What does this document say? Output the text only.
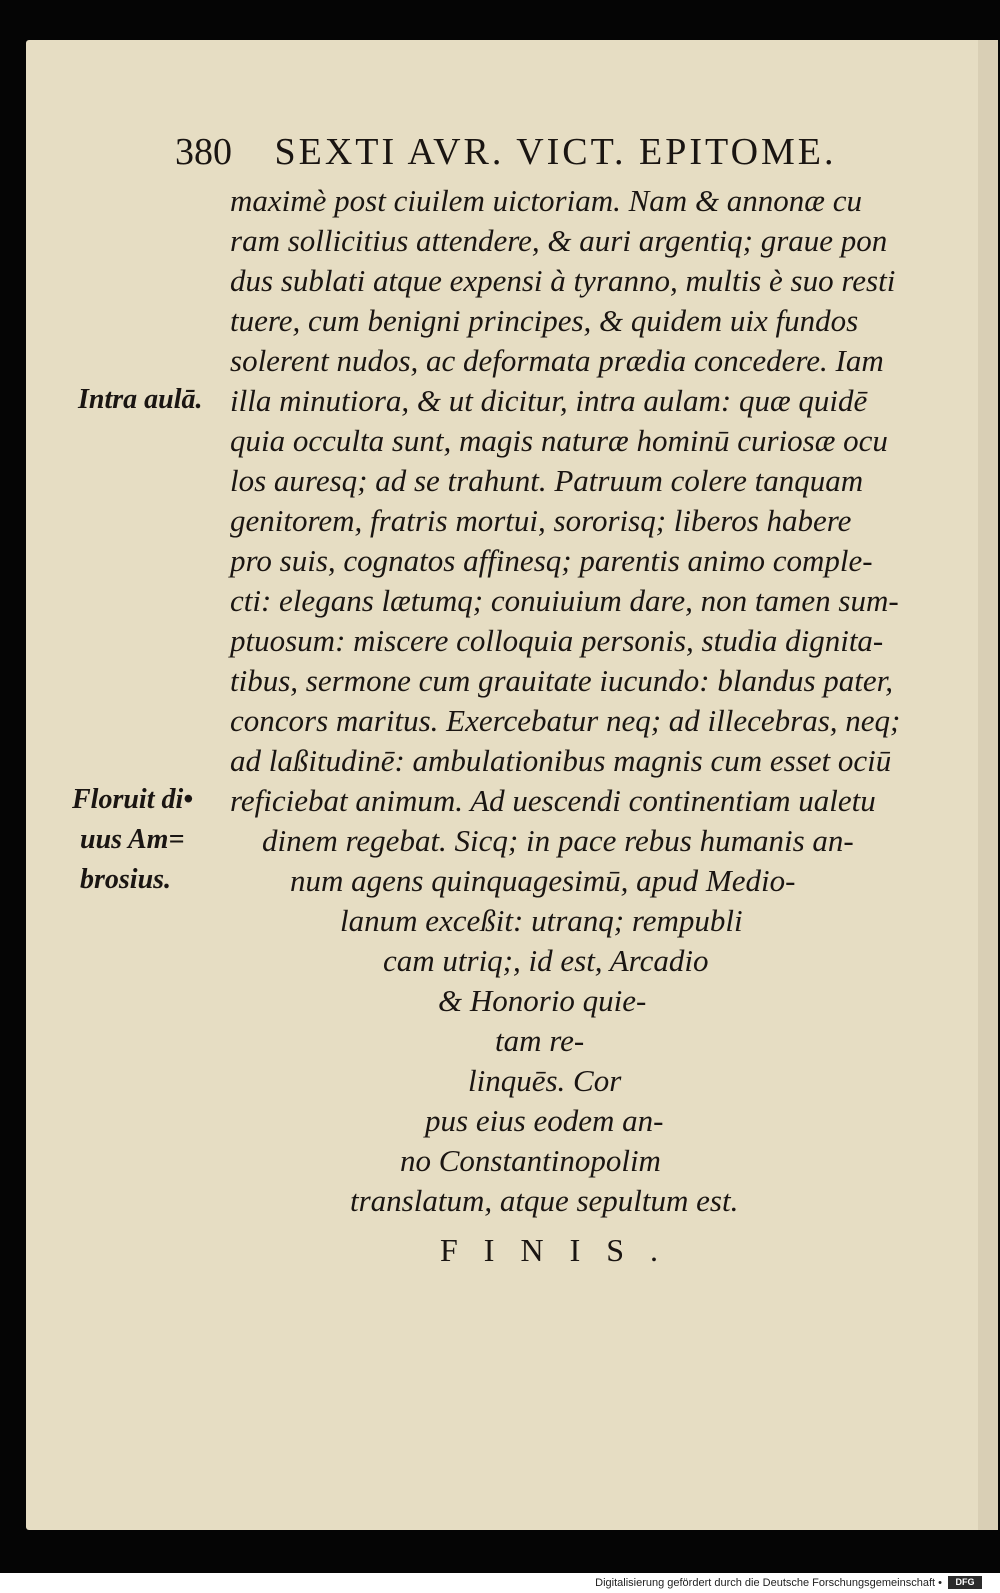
380 SEXTI AVR. VICT. EPITOME.
maximè post ciuilem uictoriam. Nam & annonæ cu
ram sollicitius attendere, & auri argentiq; graue pon
dus sublati atque expensi à tyranno, multis è suo resti
tuere, cum benigni principes, & quidem uix fundos
solerent nudos, ac deformata prædia concedere. Iam
illa minutiora, & ut dicitur, intra aulam: quæ quidē
quia occulta sunt, magis naturæ hominū curiosæ ocu
los auresq; ad se trahunt. Patruum colere tanquam
genitorem, fratris mortui, sororisq; liberos habere
pro suis, cognatos affinesq; parentis animo comple-
cti: elegans lætumq; conuiuium dare, non tamen sum-
ptuosum: miscere colloquia personis, studia dignita-
tibus, sermone cum grauitate iucundo: blandus pater,
concors maritus. Exercebatur neq; ad illecebras, neq;
ad laßitudinē: ambulationibus magnis cum esset ociū
reficiebat animum. Ad uescendi continentiam ualetu
dinem regebat. Sicq; in pace rebus humanis an-
num agens quinquagesimū, apud Medio-
lanum exceßit: utranq; rempubli
cam utriq;, id est, Arcadio
& Honorio quie-
tam re-
linquēs. Cor
pus eius eodem an-
no Constantinopolim
translatum, atque sepultum est.
FINIS.
Intra aulā.
Floruit di•
uus Am=
brosius.
Digitalisierung gefördert durch die Deutsche Forschungsgemeinschaft •	DFG
